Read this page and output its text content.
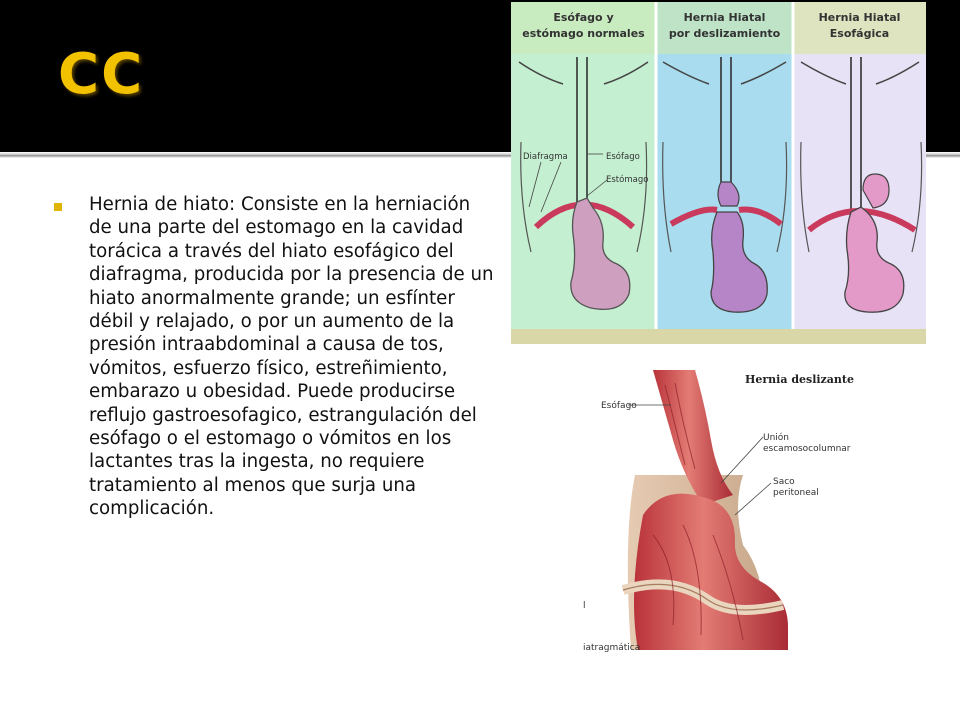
CC

Hernia de hiato: Consiste en la herniación de una parte del estomago en la cavidad torácica a través del hiato esofágico del diafragma, producida por la presencia de un hiato anormalmente grande; un esfínter débil y relajado, o por un aumento de la presión intraabdominal a causa de tos, vómitos, esfuerzo físico, estreñimiento, embarazo u obesidad. Puede producirse reflujo gastroesofagico, estrangulación del esófago o el estomago o vómitos en los lactantes tras la ingesta, no requiere tratamiento al menos que surja una complicación.

Esófago y
estómago normales
Hernia Hiatal
por deslizamiento
Hernia Hiatal
Esofágica
Diafragma	Esófago
Estómago
Hernia deslizante
Esófago
Unión
escamosocolumnar
Saco
peritoneal
l
iatragmática
